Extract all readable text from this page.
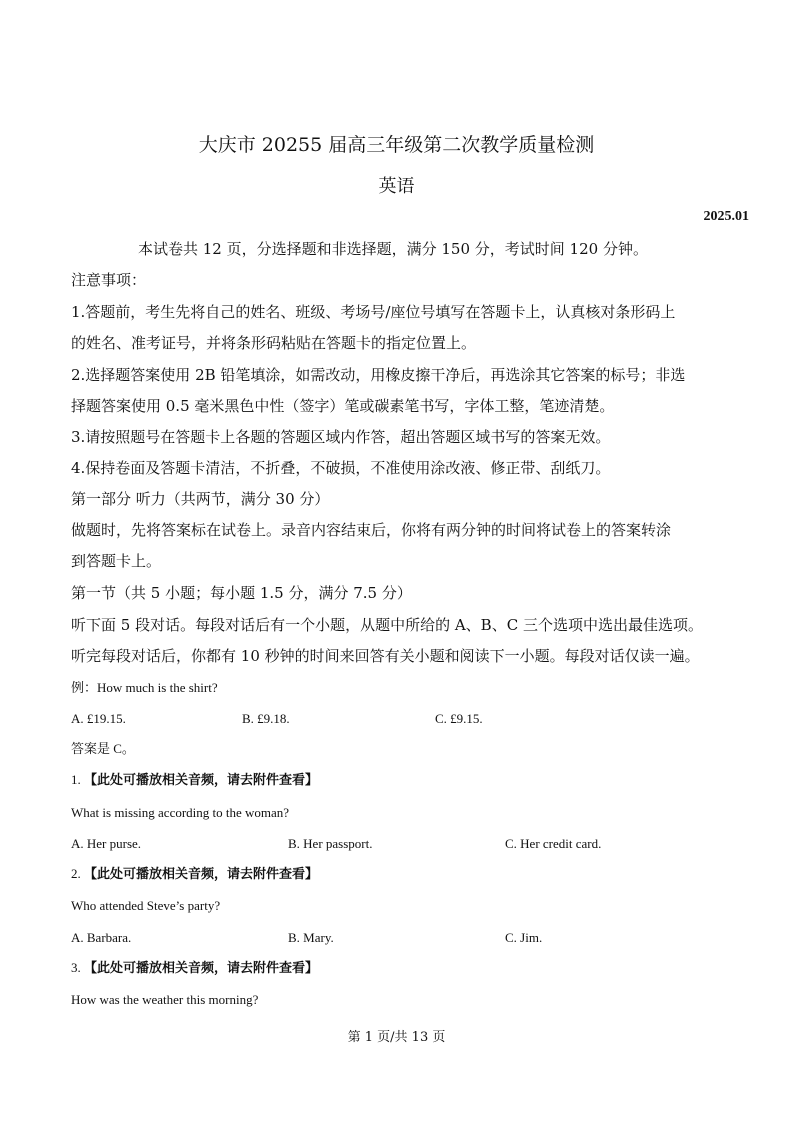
大庆市 20255 届高三年级第二次教学质量检测
英语
2025.01
本试卷共 12 页，分选择题和非选择题，满分 150 分，考试时间 120 分钟。
注意事项：
1.答题前，考生先将自己的姓名、班级、考场号/座位号填写在答题卡上，认真核对条形码上
的姓名、准考证号，并将条形码粘贴在答题卡的指定位置上。
2.选择题答案使用 2B 铅笔填涂，如需改动，用橡皮擦干净后，再选涂其它答案的标号；非选
择题答案使用 0.5 毫米黑色中性（签字）笔或碳素笔书写，字体工整，笔迹清楚。
3.请按照题号在答题卡上各题的答题区域内作答，超出答题区域书写的答案无效。
4.保持卷面及答题卡清洁，不折叠，不破损，不准使用涂改液、修正带、刮纸刀。
第一部分 听力（共两节，满分 30 分）
做题时，先将答案标在试卷上。录音内容结束后，你将有两分钟的时间将试卷上的答案转涂
到答题卡上。
第一节（共 5 小题；每小题 1.5 分，满分 7.5 分）
听下面 5 段对话。每段对话后有一个小题，从题中所给的 A、B、C 三个选项中选出最佳选项。
听完每段对话后，你都有 10 秒钟的时间来回答有关小题和阅读下一小题。每段对话仅读一遍。
例：How much is the shirt?
A. £19.15.	B. £9.18.	C. £9.15.
答案是 C。
1. 【此处可播放相关音频，请去附件查看】
What is missing according to the woman?
A. Her purse.	B. Her passport.	C. Her credit card.
2. 【此处可播放相关音频，请去附件查看】
Who attended Steve’s party?
A. Barbara.	B. Mary.	C. Jim.
3. 【此处可播放相关音频，请去附件查看】
How was the weather this morning?
第 1 页/共 13 页
